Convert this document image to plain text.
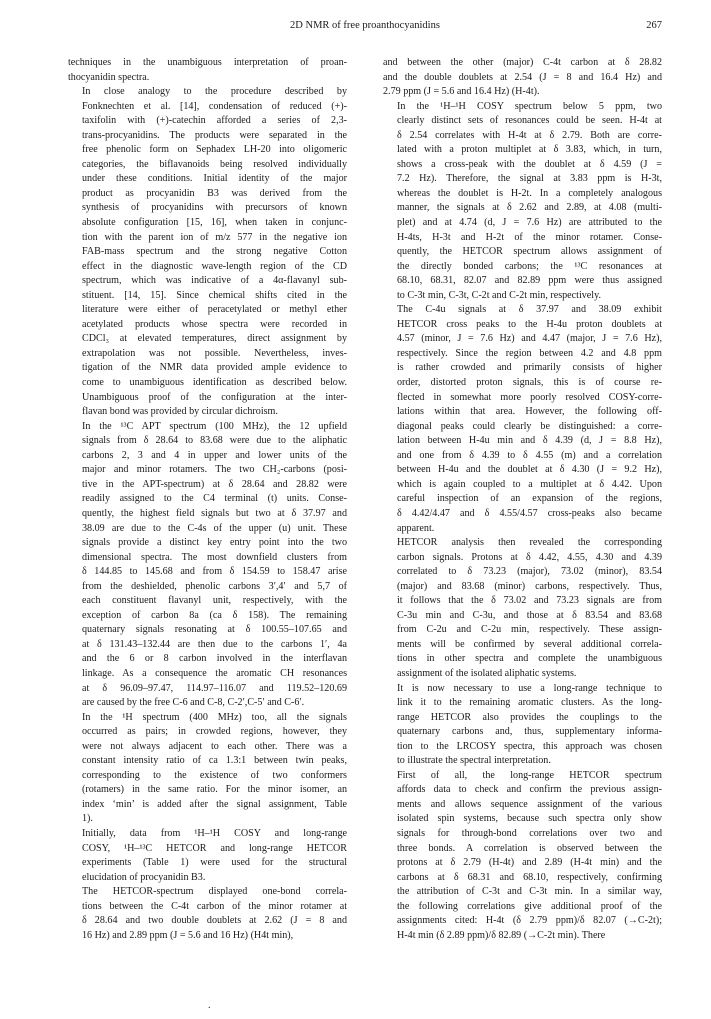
2D NMR of free proanthocyanidins	267

techniques in the unambiguous interpretation of proan-
thocyanidin spectra.

In close analogy to the procedure described by
Fonknechten et al. [14], condensation of reduced (+)-
taxifolin with (+)-catechin afforded a series of 2,3-
trans-procyanidins. The products were separated in the
free phenolic form on Sephadex LH-20 into oligomeric
categories, the biflavanoids being resolved individually
under these conditions. Initial identity of the major
product as procyanidin B3 was derived from the
synthesis of procyanidins with precursors of known
absolute configuration [15, 16], when taken in conjunc-
tion with the parent ion of m/z 577 in the negative ion
FAB-mass spectrum and the strong negative Cotton
effect in the diagnostic wave-length region of the CD
spectrum, which was indicative of a 4α-flavanyl sub-
stituent. [14, 15]. Since chemical shifts cited in the
literature were either of peracetylated or methyl ether
acetylated products whose spectra were recorded in
CDCl₃ at elevated temperatures, direct assignment by
extrapolation was not possible. Nevertheless, inves-
tigation of the NMR data provided ample evidence to
come to unambiguous identification as described below.
Unambiguous proof of the configuration at the inter-
flavan bond was provided by circular dichroism.

In the ¹³C APT spectrum (100 MHz), the 12 upfield
signals from δ 28.64 to 83.68 were due to the aliphatic
carbons 2, 3 and 4 in upper and lower units of the
major and minor rotamers. The two CH₂-carbons (posi-
tive in the APT-spectrum) at δ 28.64 and 28.82 were
readily assigned to the C4 terminal (t) units. Conse-
quently, the highest field signals but two at δ 37.97 and
38.09 are due to the C-4s of the upper (u) unit. These
signals provide a distinct key entry point into the two
dimensional spectra. The most downfield clusters from
δ 144.85 to 145.68 and from δ 154.59 to 158.47 arise
from the deshielded, phenolic carbons 3′,4′ and 5,7 of
each constituent flavanyl unit, respectively, with the
exception of carbon 8a (ca δ 158). The remaining
quaternary signals resonating at δ 100.55–107.65 and
at δ 131.43–132.44 are then due to the carbons 1′, 4a
and the 6 or 8 carbon involved in the interflavan
linkage. As a consequence the aromatic CH resonances
at δ 96.09–97.47, 114.97–116.07 and 119.52–120.69
are caused by the free C-6 and C-8, C-2′,C-5′ and C-6′.

In the ¹H spectrum (400 MHz) too, all the signals
occurred as pairs; in crowded regions, however, they
were not always adjacent to each other. There was a
constant intensity ratio of ca 1.3:1 between twin peaks,
corresponding to the existence of two conformers
(rotamers) in the same ratio. For the minor isomer, an
index ‘min’ is added after the signal assignment, Table
1).

Initially, data from ¹H–¹H COSY and long-range
COSY, ¹H–¹³C HETCOR and long-range HETCOR
experiments (Table 1) were used for the structural
elucidation of procyanidin B3.

The HETCOR-spectrum displayed one-bond correla-
tions between the C-4t carbon of the minor rotamer at
δ 28.64 and two double doublets at 2.62 (J = 8 and
16 Hz) and 2.89 ppm (J = 5.6 and 16 Hz) (H4t min),

and between the other (major) C-4t carbon at δ 28.82
and the double doublets at 2.54 (J = 8 and 16.4 Hz) and
2.79 ppm (J = 5.6 and 16.4 Hz) (H-4t).

In the ¹H–¹H COSY spectrum below 5 ppm, two
clearly distinct sets of resonances could be seen. H-4t at
δ 2.54 correlates with H-4t at δ 2.79. Both are corre-
lated with a proton multiplet at δ 3.83, which, in turn,
shows a cross-peak with the doublet at δ 4.59 (J =
7.2 Hz). Therefore, the signal at 3.83 ppm is H-3t,
whereas the doublet is H-2t. In a completely analogous
manner, the signals at δ 2.62 and 2.89, at 4.08 (multi-
plet) and at 4.74 (d, J = 7.6 Hz) are attributed to the
H-4ts, H-3t and H-2t of the minor rotamer. Conse-
quently, the HETCOR spectrum allows assignment of
the directly bonded carbons; the ¹³C resonances at
68.10, 68.31, 82.07 and 82.89 ppm were thus assigned
to C-3t min, C-3t, C-2t and C-2t min, respectively.

The C-4u signals at δ 37.97 and 38.09 exhibit
HETCOR cross peaks to the H-4u proton doublets at
4.57 (minor, J = 7.6 Hz) and 4.47 (major, J = 7.6 Hz),
respectively. Since the region between 4.2 and 4.8 ppm
is rather crowded and primarily consists of higher
order, distorted proton signals, this is of course re-
flected in somewhat more poorly resolved COSY-corre-
lations within that area. However, the following off-
diagonal peaks could clearly be distinguished: a corre-
lation between H-4u min and δ 4.39 (d, J = 8.8 Hz),
and one from δ 4.39 to δ 4.55 (m) and a correlation
between H-4u and the doublet at δ 4.30 (J = 9.2 Hz),
which is again coupled to a multiplet at δ 4.42. Upon
careful inspection of an expansion of the regions,
δ 4.42/4.47 and δ 4.55/4.57 cross-peaks also became
apparent.

HETCOR analysis then revealed the corresponding
carbon signals. Protons at δ 4.42, 4.55, 4.30 and 4.39
correlated to δ 73.23 (major), 73.02 (minor), 83.54
(major) and 83.68 (minor) carbons, respectively. Thus,
it follows that the δ 73.02 and 73.23 signals are from
C-3u min and C-3u, and those at δ 83.54 and 83.68
from C-2u and C-2u min, respectively. These assign-
ments will be confirmed by several additional correla-
tions in other spectra and complete the unambiguous
assignment of the isolated aliphatic systems.

It is now necessary to use a long-range technique to
link it to the remaining aromatic clusters. As the long-
range HETCOR also provides the couplings to the
quaternary carbons and, thus, supplementary informa-
tion to the LRCOSY spectra, this approach was chosen
to illustrate the spectral interpretation.

First of all, the long-range HETCOR spectrum
affords data to check and confirm the previous assign-
ments and allows sequence assignment of the various
isolated spin systems, because such spectra only show
signals for through-bond correlations over two and
three bonds. A correlation is observed between the
protons at δ 2.79 (H-4t) and 2.89 (H-4t min) and the
carbons at δ 68.31 and 68.10, respectively, confirming
the attribution of C-3t and C-3t min. In a similar way,
the following correlations give additional proof of the
assignments cited: H-4t (δ 2.79 ppm)/δ 82.07 (→C-2t);
H-4t min (δ 2.89 ppm)/δ 82.89 (→C-2t min). There

.
